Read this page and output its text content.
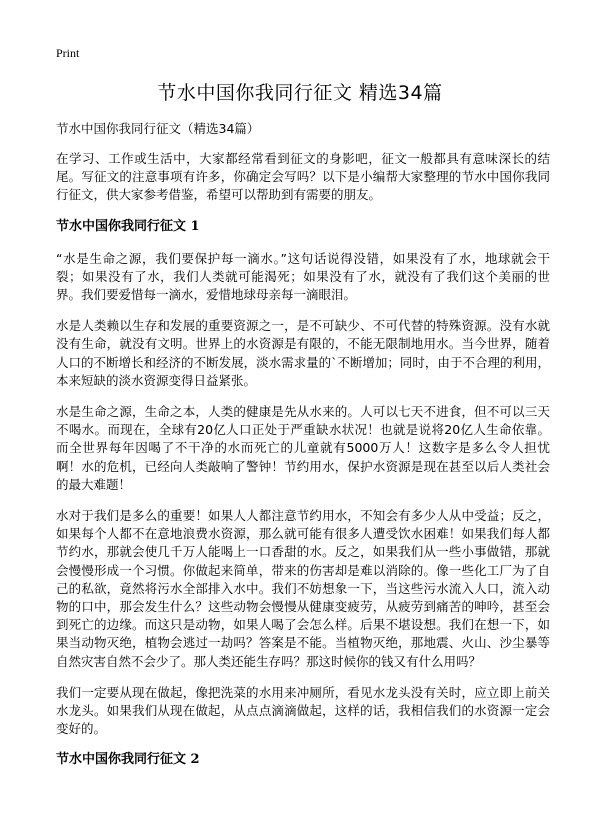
Print
节水中国你我同行征文 精选34篇
节水中国你我同行征文（精选34篇）

在学习、工作或生活中，大家都经常看到征文的身影吧，征文一般都具有意味深长的结尾。写征文的注意事项有许多，你确定会写吗？以下是小编帮大家整理的节水中国你我同行征文，供大家参考借鉴，希望可以帮助到有需要的朋友。

节水中国你我同行征文 1

“水是生命之源，我们要保护每一滴水。”这句话说得没错，如果没有了水，地球就会干裂；如果没有了水，我们人类就可能渴死；如果没有了水，就没有了我们这个美丽的世界。我们要爱惜每一滴水，爱惜地球母亲每一滴眼泪。

水是人类赖以生存和发展的重要资源之一，是不可缺少、不可代替的特殊资源。没有水就没有生命，就没有文明。世界上的水资源是有限的，不能无限制地用水。当今世界，随着人口的不断增长和经济的不断发展，淡水需求量的`不断增加；同时，由于不合理的利用，本来短缺的淡水资源变得日益紧张。

水是生命之源，生命之本，人类的健康是先从水来的。人可以七天不进食，但不可以三天不喝水。而现在，全球有20亿人口正处于严重缺水状况！也就是说将20亿人生命依靠。而全世界每年因喝了不干净的水而死亡的儿童就有5000万人！这数字是多么令人担忧啊！水的危机，已经向人类敲响了警钟！节约用水，保护水资源是现在甚至以后人类社会的最大难题！

水对于我们是多么的重要！如果人人都注意节约用水，不知会有多少人从中受益；反之，如果每个人都不在意地浪费水资源，那么就可能有很多人遭受饮水困难！如果我们每人都节约水，那就会使几千万人能喝上一口香甜的水。反之，如果我们从一些小事做错，那就会慢慢形成一个习惯。你做起来简单，带来的伤害却是难以消除的。像一些化工厂为了自己的私欲，竟然将污水全部排入水中。我们不妨想象一下，当这些污水流入人口，流入动物的口中，那会发生什么？这些动物会慢慢从健康变疲劳，从疲劳到痛苦的呻吟，甚至会到死亡的边缘。而这只是动物，如果人喝了会怎么样。后果不堪设想。我们在想一下，如果当动物灭绝，植物会逃过一劫吗？答案是不能。当植物灭绝，那地震、火山、沙尘暴等自然灾害自然不会少了。那人类还能生存吗？那这时候你的钱又有什么用吗？

我们一定要从现在做起，像把洗菜的水用来冲厕所，看见水龙头没有关时，应立即上前关水龙头。如果我们从现在做起，从点点滴滴做起，这样的话，我相信我们的水资源一定会变好的。

节水中国你我同行征文 2
